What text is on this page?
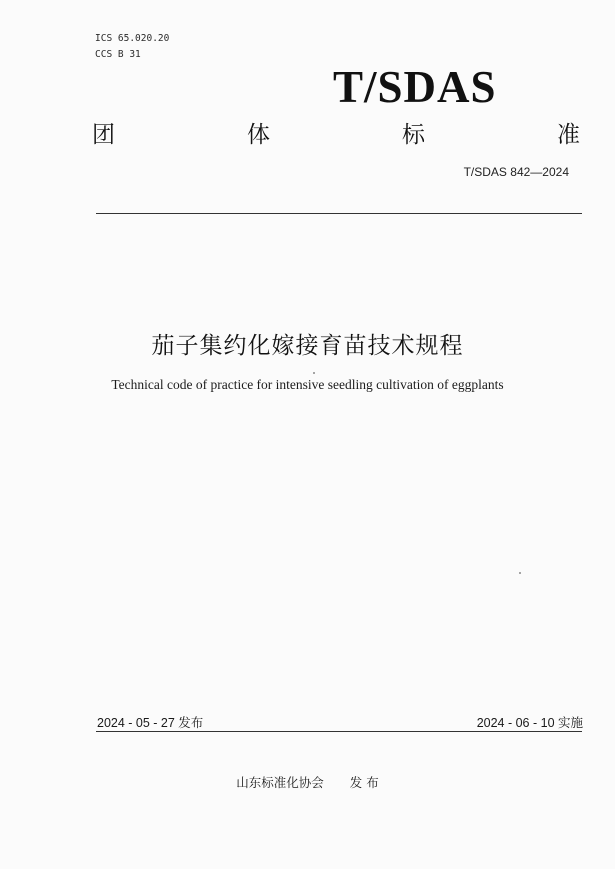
ICS 65.020.20
CCS B 31
T/SDAS
团	体	标	准
T/SDAS 842—2024
茄子集约化嫁接育苗技术规程
Technical code of practice for intensive seedling cultivation of eggplants
2024 - 05 - 27 发布	2024 - 06 - 10 实施
山东标准化协会 发 布
